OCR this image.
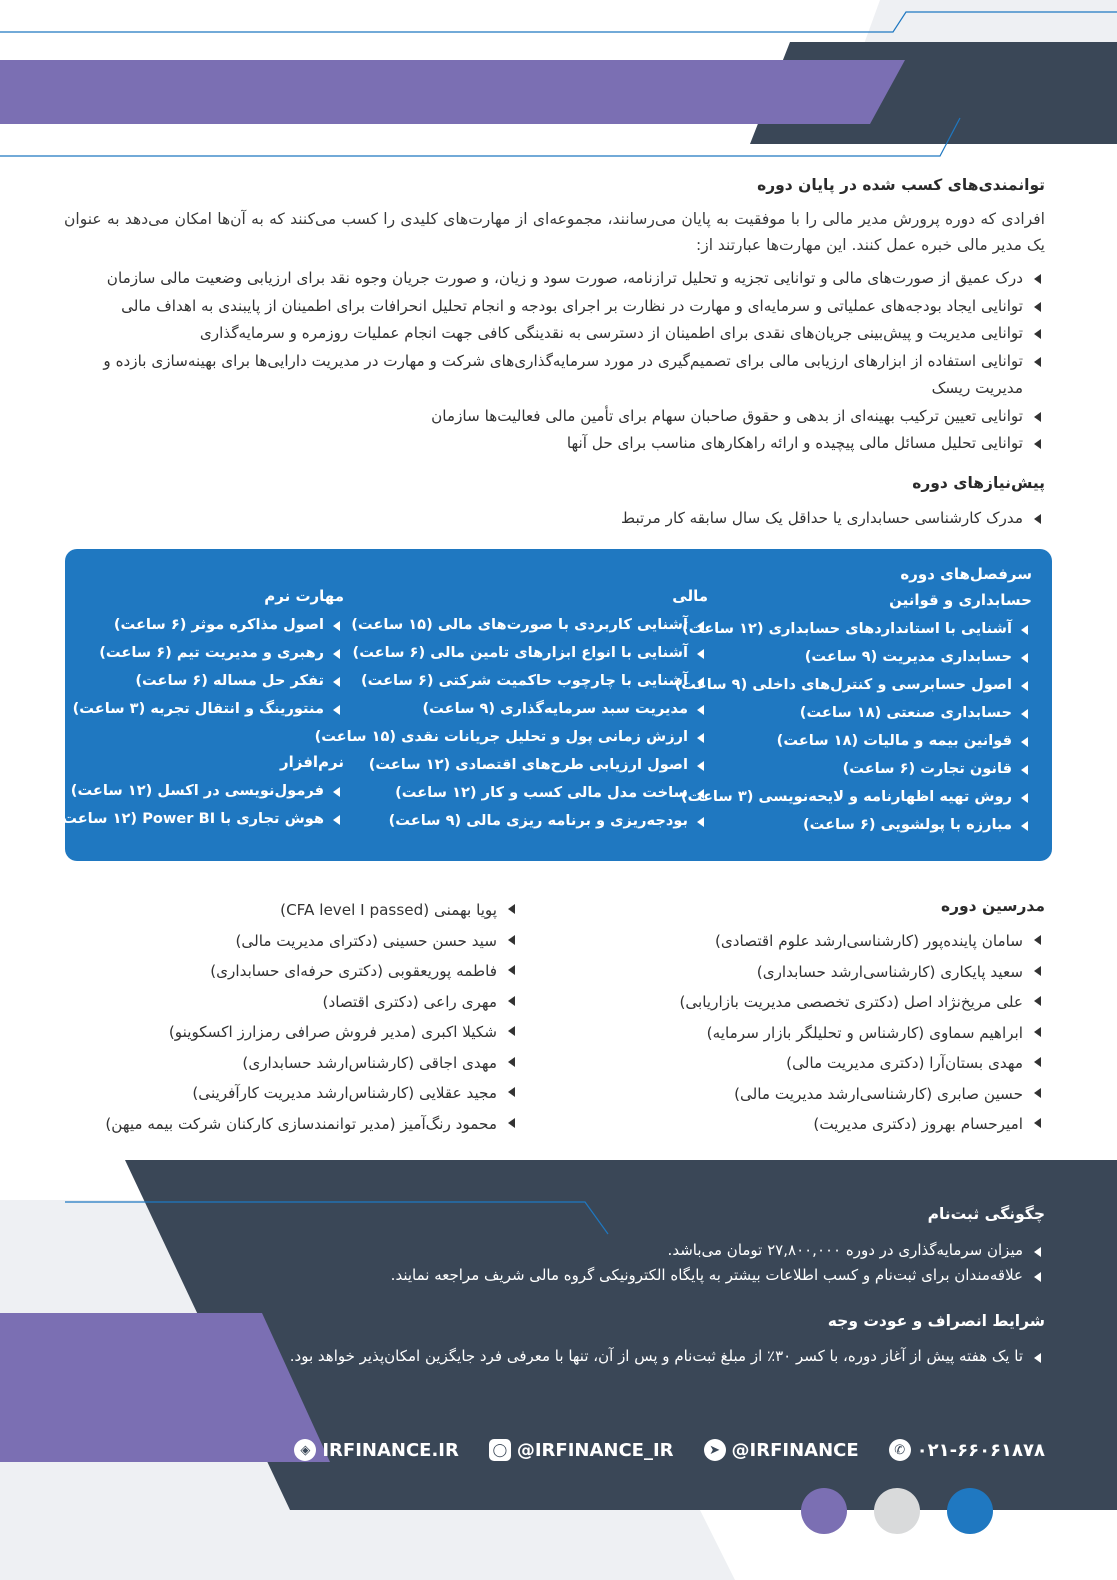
توانمندی‌های کسب شده در پایان دوره
افرادی که دوره پرورش مدیر مالی را با موفقیت به پایان می‌رسانند، مجموعه‌ای از مهارت‌های کلیدی را کسب می‌کنند که به آن‌ها امکان می‌دهد به عنوان یک مدیر مالی خبره عمل کنند. این مهارت‌ها عبارتند از:
درک عمیق از صورت‌های مالی و توانایی تجزیه و تحلیل ترازنامه، صورت سود و زیان، و صورت جریان وجوه نقد برای ارزیابی وضعیت مالی سازمان
توانایی ایجاد بودجه‌های عملیاتی و سرمایه‌ای و مهارت در نظارت بر اجرای بودجه و انجام تحلیل انحرافات برای اطمینان از پایبندی به اهداف مالی
توانایی مدیریت و پیش‌بینی جریان‌های نقدی برای اطمینان از دسترسی به نقدینگی کافی جهت انجام عملیات روزمره و سرمایه‌گذاری
توانایی استفاده از ابزارهای ارزیابی مالی برای تصمیم‌گیری در مورد سرمایه‌گذاری‌های شرکت و مهارت در مدیریت دارایی‌ها برای بهینه‌سازی بازده و مدیریت ریسک
توانایی تعیین ترکیب بهینه‌ای از بدهی و حقوق صاحبان سهام برای تأمین مالی فعالیت‌ها سازمان
توانایی تحلیل مسائل مالی پیچیده و ارائه راهکارهای مناسب برای حل آنها
پیش‌نیازهای دوره
مدرک کارشناسی حسابداری یا حداقل یک سال سابقه کار مرتبط
سرفصل‌های دوره
حسابداری و قوانین
آشنایی با استانداردهای حسابداری (۱۲ ساعت)
حسابداری مدیریت (۹ ساعت)
اصول حسابرسی و کنترل‌های داخلی (۹ ساعت)
حسابداری صنعتی (۱۸ ساعت)
قوانین بیمه و مالیات (۱۸ ساعت)
قانون تجارت (۶ ساعت)
روش تهیه اظهارنامه و لایحه‌نویسی (۳ ساعت)
مبارزه با پولشویی (۶ ساعت)
مالی
آشنایی کاربردی با صورت‌های مالی (۱۵ ساعت)
آشنایی با انواع ابزارهای تامین مالی (۶ ساعت)
آشنایی با چارچوب حاکمیت شرکتی (۶ ساعت)
مدیریت سبد سرمایه‌گذاری (۹ ساعت)
ارزش زمانی پول و تحلیل جریانات نقدی (۱۵ ساعت)
اصول ارزیابی طرح‌های اقتصادی (۱۲ ساعت)
ساخت مدل مالی کسب و کار (۱۲ ساعت)
بودجه‌ریزی و برنامه ریزی مالی (۹ ساعت)
مهارت نرم
اصول مذاکره موثر (۶ ساعت)
رهبری و مدیریت تیم (۶ ساعت)
تفکر حل مساله (۶ ساعت)
منتورینگ و انتقال تجربه (۳ ساعت)
نرم‌افزار
فرمول‌نویسی در اکسل (۱۲ ساعت)
هوش تجاری با Power BI (۱۲ ساعت)
مدرسین دوره
سامان پاینده‌پور (کارشناسی‌ارشد علوم اقتصادی)
سعید پایکاری (کارشناسی‌ارشد حسابداری)
علی مریخ‌نژاد اصل (دکتری تخصصی مدیریت بازاریابی)
ابراهیم سماوی (کارشناس و تحلیلگر بازار سرمایه)
مهدی بستان‌آرا (دکتری مدیریت مالی)
حسین صابری (کارشناسی‌ارشد مدیریت مالی)
امیرحسام بهروز (دکتری مدیریت)
پویا بهمنی (CFA level I passed)
سید حسن حسینی (دکترای مدیریت مالی)
فاطمه پوریعقوبی (دکتری حرفه‌ای حسابداری)
مهری راعی (دکتری اقتصاد)
شکیلا اکبری (مدیر فروش صرافی رمزارز اکسکوینو)
مهدی اجاقی (کارشناس‌ارشد حسابداری)
مجید عقلایی (کارشناس‌ارشد مدیریت کارآفرینی)
محمود رنگ‌آمیز (مدیر توانمندسازی کارکنان شرکت بیمه میهن)
چگونگی ثبت‌نام
میزان سرمایه‌گذاری در دوره ۲۷,۸۰۰,۰۰۰ تومان می‌باشد.
علاقه‌مندان برای ثبت‌نام و کسب اطلاعات بیشتر به پایگاه الکترونیکی گروه مالی شریف مراجعه نمایند.
شرایط انصراف و عودت وجه
تا یک هفته پیش از آغاز دوره، با کسر ۳۰٪ از مبلغ ثبت‌نام و پس از آن، تنها با معرفی فرد جایگزین امکان‌پذیر خواهد بود.
✆ ۰۲۱-۶۶۰۶۱۸۷۸
➤ @IRFINANCE
◯ @IRFINANCE_IR
◈ IRFINANCE.IR
